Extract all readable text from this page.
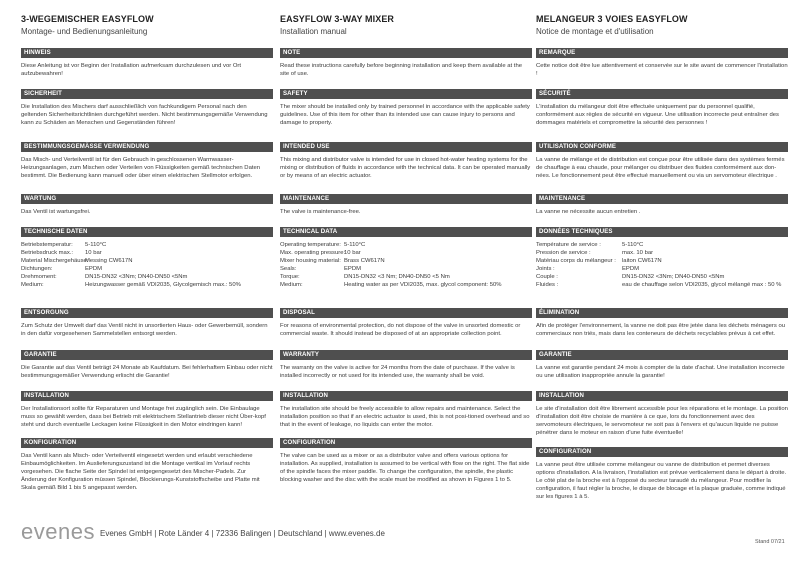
3-WEGEMISCHER EASYFLOW
Montage- und Bedienungsanleitung
HINWEIS
Diese Anleitung ist vor Beginn der Installation aufmerksam durchzulesen und vor Ort aufzubewahren!
SICHERHEIT
Die Installation des Mischers darf ausschließlich von fachkundigem Personal nach den geltenden Sicherheitsrichtlinien durchgeführt werden. Nicht bestimmungsgemäße Verwendung kann zu Schäden an Menschen und Gegenständen führen!
BESTIMMUNGSGEMÄSSE VERWENDUNG
Das Misch- und Verteilventil ist für den Gebrauch in geschlossenen Warmwasser-Heizungsanlagen, zum Mischen oder Verteilen von Flüssigkeiten gemäß technischen Daten bestimmt. Die Bedienung kann manuell oder über einen elektrischen Stellmotor erfolgen.
WARTUNG
Das Ventil ist wartungsfrei.
TECHNISCHE DATEN
Betriebstemperatur:	5-110°C
Betriebsdruck max.:	10 bar
Material Mischergehäuse:
Messing CW617N
Dichtungen:	EPDM
Drehmoment:	DN15-DN32 <3Nm; DN40-DN50 <5Nm
Medium:	Heizungwasser gemäß VDI2035, Glycolgemisch max.: 50%
ENTSORGUNG
Zum Schutz der Umwelt darf das Ventil nicht in unsortierten Haus- oder Gewerbemüll, sondern in den dafür vorgesehenen Sammelstellen entsorgt werden.
GARANTIE
Die Garantie auf das Ventil beträgt 24 Monate ab Kaufdatum. Bei fehlerhaftem Einbau oder nicht bestimmungsgemäßer Verwendung erlischt die Garantie!
INSTALLATION
Der Installationsort sollte für Reparaturen und Montage frei zugänglich sein. Die Einbaulage muss so gewählt werden, dass bei Betrieb mit elektrischem Stellantrieb dieser nicht Über-kopf steht und durch eventuelle Leckagen keine Flüssigkeit in den Motor eindringen kann!
KONFIGURATION
Das Ventil kann als Misch- oder Verteilventil eingesetzt werden und erlaubt verschiedene Einbaumöglichkeiten. Im Auslieferungszustand ist die Montage vertikal im Vorlauf rechts vorgesehen. Die flache Seite der Spindel ist entgegengesetzt des Mischer-Padels. Zur Änderung der Konfiguration müssen Spindel, Blockierungs-Kunststoffscheibe und Platte mit Skala gemäß Bild 1 bis 5 angepasst werden.
EASYFLOW 3-WAY MIXER
Installation manual
NOTE
Read these instructions carefully before beginning installation and keep them available at the site of use.
SAFETY
The mixer should be installed only by trained personnel in accordance with the applicable safety guidelines. Use of this item for other than its intended use can cause injury to persons and damage to property.
INTENDED USE
This mixing and distributor valve is intended for use in closed hot-water heating systems for the mixing or distribution of fluids in accordance with the technical data. It can be operated manually or by means of an electric actuator.
MAINTENANCE
The valve is maintenance-free.
TECHNICAL DATA
Operating temperature: 5-110°C
Max. operating pressure:
10 bar
Mixer housing material: Brass CW617N
Seals:	EPDM
Torque:	DN15-DN32 <3 Nm; DN40-DN50 <5 Nm
Medium:	Heating water as per VDI2035, max. glycol component: 50%
DISPOSAL
For reasons of environmental protection, do not dispose of the valve in unsorted domestic or commercial waste. It should instead be disposed of at an appropriate collection point.
WARRANTY
The warranty on the valve is active for 24 months from the date of purchase. If the valve is installed incorrectly or not used for its intended use, the warranty shall be void.
INSTALLATION
The installation site should be freely accessible to allow repairs and maintenance. Select the installation position so that if an electric actuator is used, this is not posi-tioned overhead and so that in the event of leakage, no liquids can enter the motor.
CONFIGURATION
The valve can be used as a mixer or as a distributor valve and offers various options for installation. As supplied, installation is assumed to be vertical with flow on the right. The flat side of the spindle faces the mixer paddle. To change the configuration, the spindle, the plastic blocking washer and the disc with the scale must be modified as shown in Figures 1 to 5.
MELANGEUR 3 VOIES EASYFLOW
Notice de montage et d'utilisation
REMARQUE
Cette notice doit être lue attentivement et conservée sur le site avant de commencer l'installation !
SÉCURITÉ
L'installation du mélangeur doit être effectuée uniquement par du personnel qualifié, conformément aux règles de sécurité en vigueur. Une utilisation incorrecte peut entraîner des dommages matériels et compromettre la sécurité des personnes !
UTILISATION CONFORME
La vanne de mélange et de distribution est conçue pour être utilisée dans des systèmes fermés de chauffage à eau chaude, pour mélanger ou distribuer des fluides conformément aux don-nées. Le fonctionnement peut être effectué manuellement ou via un servomoteur électrique .
MAINTENANCE
La vanne ne nécessite aucun entretien .
DONNÉES TECHNIQUES
Température de service :	5-110°C
Pression de service :	max. 10 bar
Matériau corps du mélangeur :	laiton CW617N
Joints :	EPDM
Couple :	DN15-DN32 <3Nm; DN40-DN50 <5Nm
Fluides :	eau de chauffage selon VDI2035, glycol mélangé max : 50 %
ÉLIMINATION
Afin de protéger l'environnement, la vanne ne doit pas être jetée dans les déchets ménagers ou commerciaux non triés, mais dans les conteneurs de déchets recyclables prévus à cet effet.
GARANTIE
La vanne est garantie pendant 24 mois à compter de la date d'achat. Une installation incorrecte ou une utilisation inappropriée annule la garantie!
INSTALLATION
Le site d'installation doit être librement accessible pour les réparations et le montage. La position d'installation doit être choisie de manière à ce que, lors du fonctionnement avec des servomoteurs électriques, le servomoteur ne soit pas à l'envers et qu'aucun liquide ne puisse pénétrer dans le moteur en raison d'une fuite éventuelle!
CONFIGURATION
La vanne peut être utilisée comme mélangeur ou vanne de distribution et permet diverses options d'installation. A la livraison, l'installation est prévue verticalement dans le départ à droite. Le côté plat de la broche est à l'opposé du secteur taraudé du mélangeur. Pour modifier la configuration, il faut régler la broche, le disque de blocage et la plaque graduée, comme indiqué sur les figures 1 à 5.
evenes Evenes GmbH | Rote Länder 4 | 72336 Balingen | Deutschland | www.evenes.de
Stand 07/21
